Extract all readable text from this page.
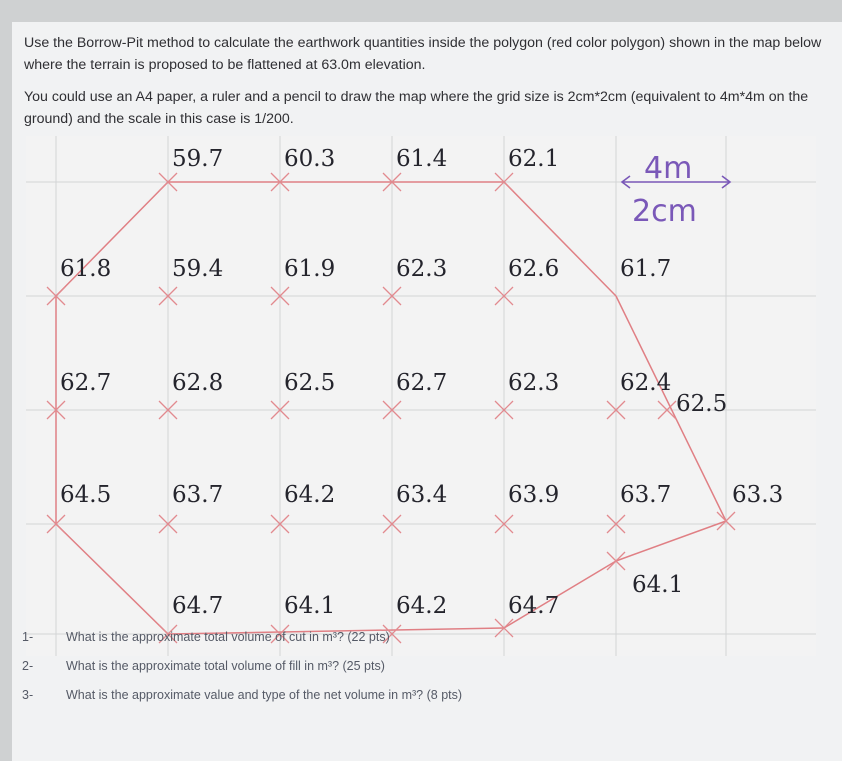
Use the Borrow-Pit method to calculate the earthwork quantities inside the polygon (red color polygon) shown in the map below where the terrain is proposed to be flattened at 63.0m elevation.

You could use an A4 paper, a ruler and a pencil to draw the map where the grid size is 2cm*2cm (equivalent to 4m*4m on the ground) and the scale in this case is 1/200.

4m
2cm
59.7	60.3	61.4	62.1
61.8	59.4	61.9	62.3	62.6	61.7
62.7	62.8	62.5	62.7	62.3	62.4
62.5
64.5	63.7	64.2	63.4	63.9	63.7	63.3
64.1
64.7	64.1	64.2	64.7
1-	What is the approximate total volume of cut in m³? (22 pts)
2-	What is the approximate total volume of fill in m³? (25 pts)
3-	What is the approximate value and type of the net volume in m³? (8 pts)
